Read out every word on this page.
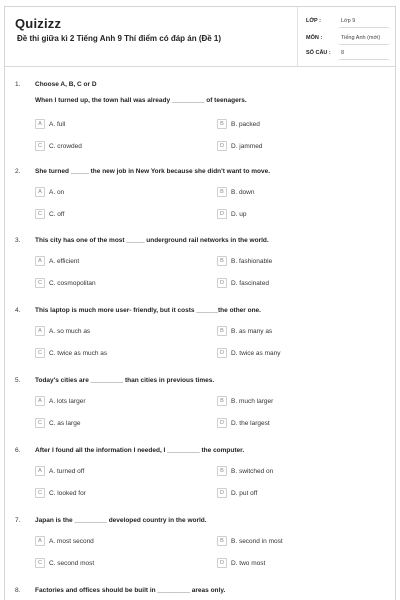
Quizizz
Đề thi giữa kì 2 Tiếng Anh 9 Thí điểm có đáp án (Đề 1)
LỚP :	Lớp 9
MÔN :	Tiếng Anh (mới)
SỐ CÂU : 8
1. Choose A, B, C or D
When I turned up, the town hall was already _________ of teenagers.
A	A. full	B	B. packed
C	C. crowded	D	D. jammed
2. She turned _____ the new job in New York because she didn't want to move.
A	A. on	B	B. down
C	C. off	D	D. up
3. This city has one of the most _____ underground rail networks in the world.
A	A. efficient	B	B. fashionable
C	C. cosmopolitan	D	D. fascinated
4. This laptop is much more user- friendly, but it costs ______the other one.
A	A. so much as	B	B. as many as
C	C. twice as much as	D	D. twice as many
5. Today's cities are _________ than cities in previous times.
A	A. lots larger	B	B. much larger
C	C. as large	D	D. the largest
6. After I found all the information I needed, I _________ the computer.
A	A. turned off	B	B. switched on
C	C. looked for	D	D. put off
7. Japan is the _________ developed country in the world.
A	A. most second	B	B. second in most
C	C. second most	D	D. two most
8. Factories and offices should be built in _________ areas only.
